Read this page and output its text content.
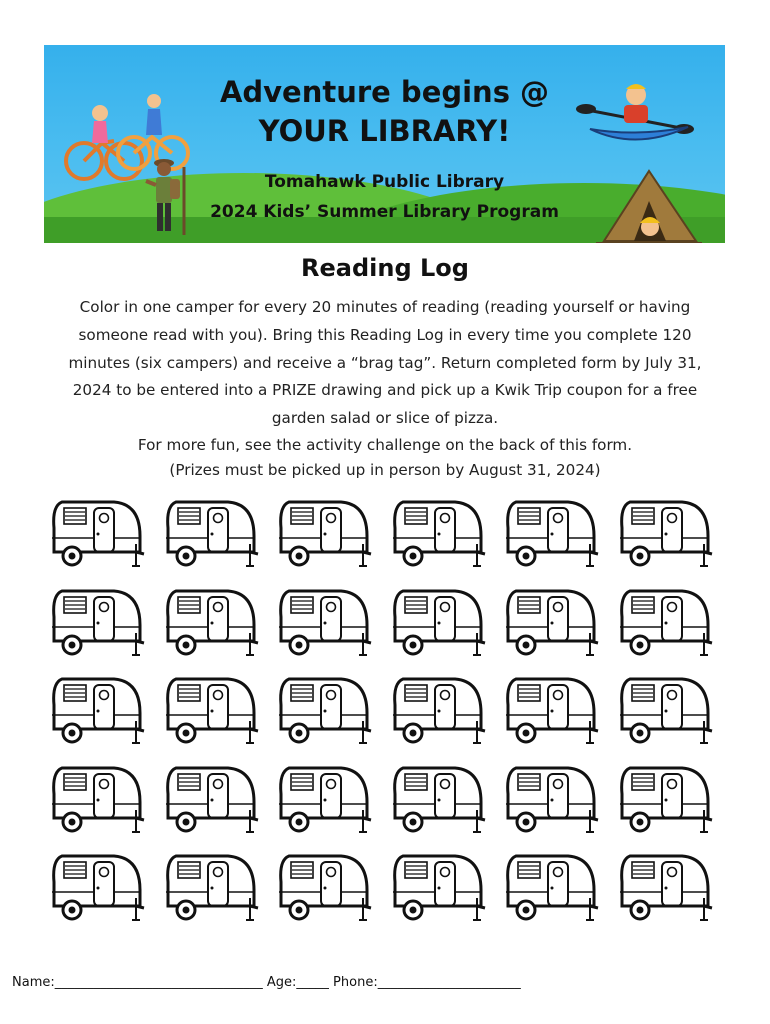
Adventure begins @
YOUR LIBRARY!
Tomahawk Public Library
2024 Kids’ Summer Library Program
Reading Log
Color in one camper for every 20 minutes of reading (reading yourself or having
someone read with you). Bring this Reading Log in every time you complete 120
minutes (six campers) and receive a “brag tag”. Return completed form by July 31,
2024 to be entered into a PRIZE drawing and pick up a Kwik Trip coupon for a free
garden salad or slice of pizza.
For more fun, see the activity challenge on the back of this form.
(Prizes must be picked up in person by August 31, 2024)
Name:________________________________ Age:_____ Phone:______________________
